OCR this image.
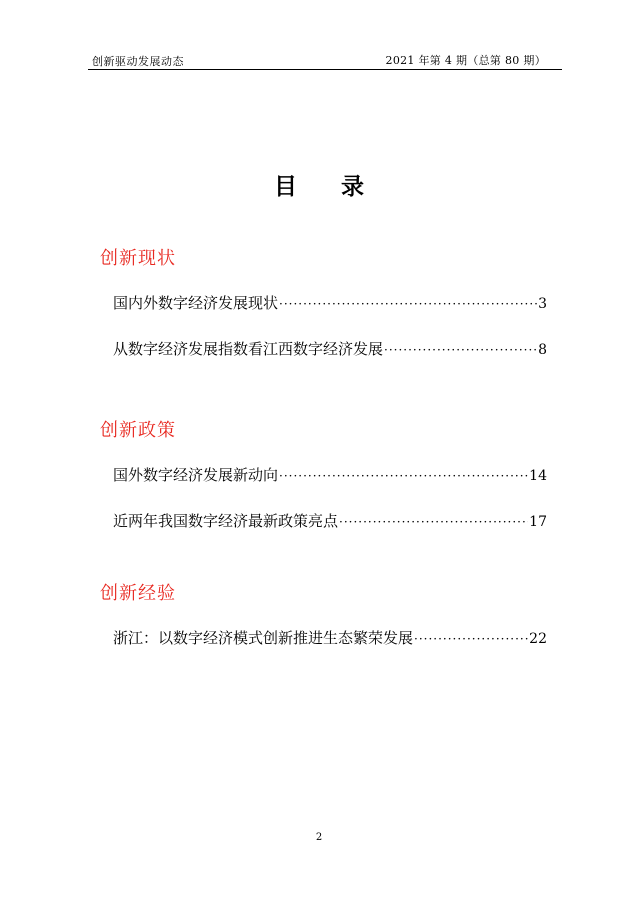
创新驱动发展动态	2021 年第 4 期（总第 80 期）
目 录
创新现状
国内外数字经济发展现状 ·····	3
从数字经济发展指数看江西数字经济发展 ·····	8
创新政策
国外数字经济发展新动向 ·····	14
近两年我国数字经济最新政策亮点 ·····	17
创新经验
浙江：以数字经济模式创新推进生态繁荣发展 ·····	22
2
